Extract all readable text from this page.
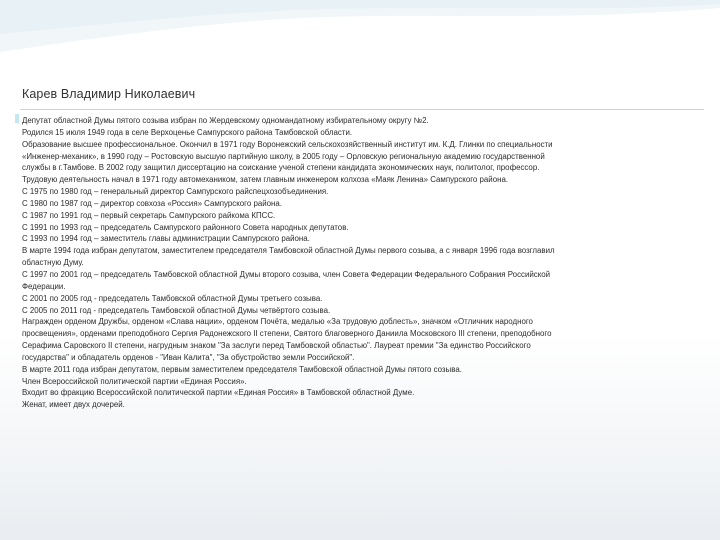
Карев Владимир Николаевич
Депутат областной Думы пятого созыва избран по Жердевскому одномандатному избирательному округу №2.
Родился 15 июля 1949 года в селе Верхоценье Сампурского района Тамбовской области.
Образование высшее профессиональное. Окончил в 1971 году Воронежский сельскохозяйственный институт им. К.Д. Глинки по специальности
«Инженер-механик», в 1990 году – Ростовскую высшую партийную школу, в 2005 году – Орловскую региональную академию государственной
службы в г.Тамбове. В 2002 году защитил диссертацию на соискание ученой степени кандидата экономических наук, политолог, профессор.
Трудовую деятельность начал в 1971 году автомехаником, затем главным инженером колхоза «Маяк Ленина» Сампурского района.
С 1975 по 1980 год – генеральный директор Сампурского райспецхозобъединения.
С 1980 по 1987 год – директор совхоза «Россия» Сампурского района.
С 1987 по 1991 год – первый секретарь Сампурского райкома КПСС.
С 1991 по 1993 год – председатель Сампурского районного Совета народных депутатов.
С 1993 по 1994 год – заместитель главы администрации Сампурского района.
В марте 1994 года избран депутатом, заместителем председателя Тамбовской областной Думы первого созыва, а с января 1996 года возглавил
областную Думу.
С 1997 по 2001 год – председатель Тамбовской областной Думы второго созыва, член Совета Федерации Федерального Собрания Российской
Федерации.
С 2001 по 2005 год - председатель Тамбовской областной Думы третьего созыва.
С 2005 по 2011 год - председатель Тамбовской областной Думы четвёртого созыва.
Награжден орденом Дружбы, орденом «Слава нации», орденом Почёта, медалью «За трудовую доблесть», значком «Отличник народного
просвещения», орденами преподобного Сергия Радонежского II степени, Святого благоверного Даниила Московского III степени, преподобного
Серафима Саровского II степени, нагрудным знаком "За заслуги перед Тамбовской областью". Лауреат премии "За единство Российского
государства" и обладатель орденов - "Иван Калита", "За обустройство земли Российской".
В марте 2011 года избран депутатом, первым заместителем председателя Тамбовской областной Думы пятого созыва.
Член Всероссийской политической партии «Единая Россия».
Входит во фракцию Всероссийской политической партии «Единая Россия» в Тамбовской областной Думе.
Женат, имеет двух дочерей.
